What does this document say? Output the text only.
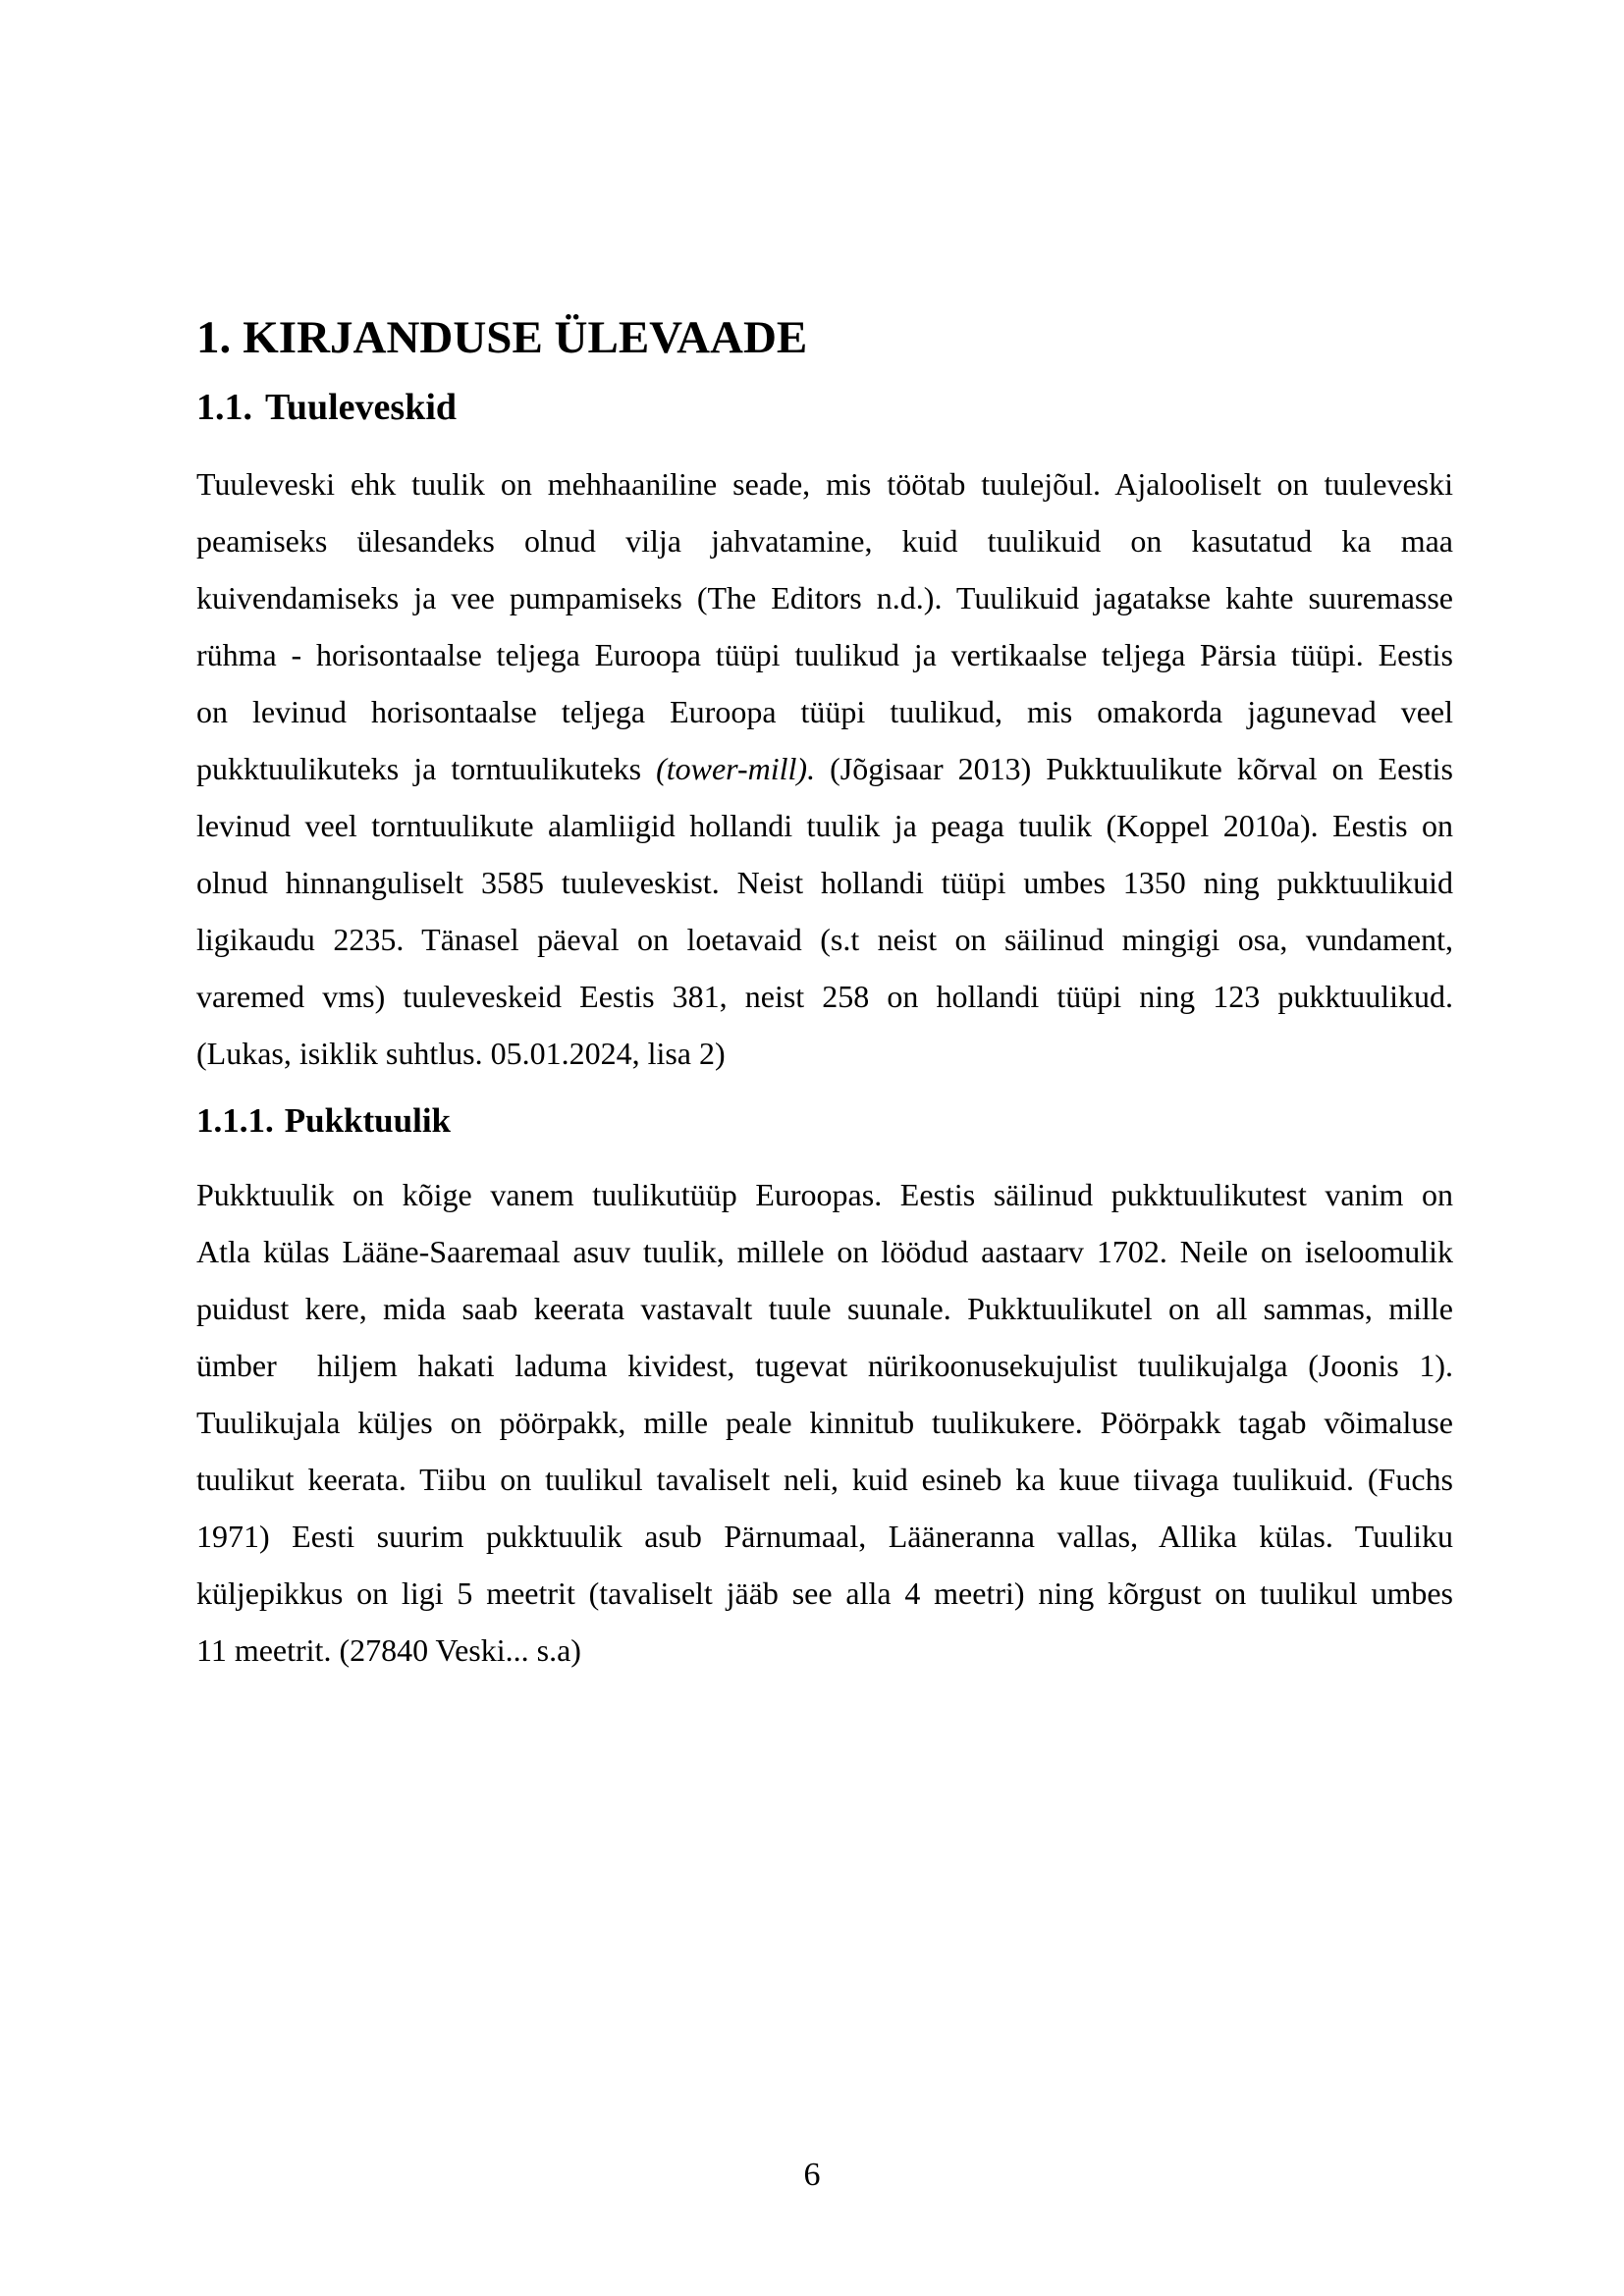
1. KIRJANDUSE ÜLEVAADE
1.1. Tuuleveskid
Tuuleveski ehk tuulik on mehhaaniline seade, mis töötab tuulejõul. Ajalooliselt on tuuleveski
peamiseks ülesandeks olnud vilja jahvatamine, kuid tuulikuid on kasutatud ka maa
kuivendamiseks ja vee pumpamiseks (The Editors n.d.). Tuulikuid jagatakse kahte suuremasse
rühma - horisontaalse teljega Euroopa tüüpi tuulikud ja vertikaalse teljega Pärsia tüüpi. Eestis
on levinud horisontaalse teljega Euroopa tüüpi tuulikud, mis omakorda jagunevad veel
pukktuulikuteks ja torntuulikuteks (tower-mill). (Jõgisaar 2013) Pukktuulikute kõrval on Eestis
levinud veel torntuulikute alamliigid hollandi tuulik ja peaga tuulik (Koppel 2010a). Eestis on
olnud hinnanguliselt 3585 tuuleveskist. Neist hollandi tüüpi umbes 1350 ning pukktuulikuid
ligikaudu 2235. Tänasel päeval on loetavaid (s.t neist on säilinud mingigi osa, vundament,
varemed vms) tuuleveskeid Eestis 381, neist 258 on hollandi tüüpi ning 123 pukktuulikud.
(Lukas, isiklik suhtlus. 05.01.2024, lisa 2)
1.1.1. Pukktuulik
Pukktuulik on kõige vanem tuulikutüüp Euroopas. Eestis säilinud pukktuulikutest vanim on
Atla külas Lääne-Saaremaal asuv tuulik, millele on löödud aastaarv 1702. Neile on iseloomulik
puidust kere, mida saab keerata vastavalt tuule suunale. Pukktuulikutel on all sammas, mille
ümber  hiljem hakati laduma kividest, tugevat nürikoonusekujulist tuulikujalga (Joonis 1).
Tuulikujala küljes on pöörpakk, mille peale kinnitub tuulikukere. Pöörpakk tagab võimaluse
tuulikut keerata. Tiibu on tuulikul tavaliselt neli, kuid esineb ka kuue tiivaga tuulikuid. (Fuchs
1971) Eesti suurim pukktuulik asub Pärnumaal, Lääneranna vallas, Allika külas. Tuuliku
küljepikkus on ligi 5 meetrit (tavaliselt jääb see alla 4 meetri) ning kõrgust on tuulikul umbes
11 meetrit. (27840 Veski... s.a)
6
